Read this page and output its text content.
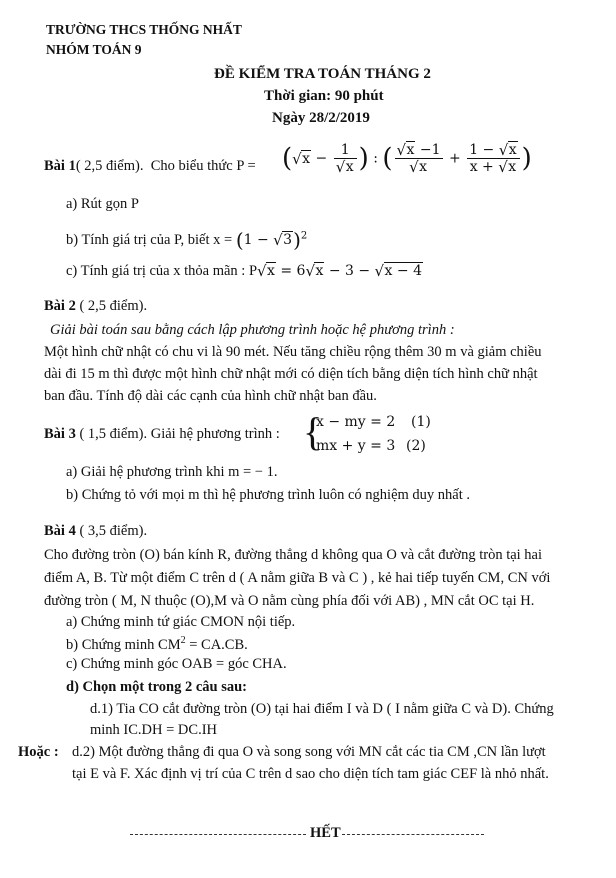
TRƯỜNG THCS THỐNG NHẤT
NHÓM TOÁN 9
ĐỀ KIỂM TRA TOÁN THÁNG 2
Thời gian: 90 phút
Ngày 28/2/2019
Bài 1( 2,5 điểm). Cho biểu thức P = ( √ x − 1
√ x ) : ( √ x −1
√ $x + \frac{1 - √ x}{x + √ x}$ )
a) Rút gọn P
b) Tính giá trị của P, biết x = (1 − √ 3)$^2$
c) Tính giá trị của x thỏa mãn : P √ x = 6 √ x − 3 − √ x − 4
Bài 2 ( 2,5 điểm).
Giải bài toán sau bằng cách lập phương trình hoặc hệ phương trình :
Một hình chữ nhật có chu vi là 90 mét. Nếu tăng chiều rộng thêm 30 m và giảm chiều
dài đi 15 m thì được một hình chữ nhật mới có diện tích bằng diện tích hình chữ nhật
ban đầu. Tính độ dài các cạnh của hình chữ nhật ban đầu.
Bài 3 ( 1,5 điểm). Giải hệ phương trình : {
x − my = 2 (1)
mx + y = 3 (2)
a) Giải hệ phương trình khi m = − 1.
b) Chứng tỏ với mọi m thì hệ phương trình luôn có nghiệm duy nhất .
Bài 4 ( 3,5 điểm).
Cho đường tròn (O) bán kính R, đường thẳng d không qua O và cắt đường tròn tại hai
điểm A, B. Từ một điểm C trên d ( A nằm giữa B và C ) , kẻ hai tiếp tuyến CM, CN với
đường tròn ( M, N thuộc (O),M và O nằm cùng phía đối với AB) , MN cắt OC tại H.
a) Chứng minh tứ giác CMON nội tiếp.
b) Chứng minh $CM^2 = CA.CB$.
c) Chứng minh góc OAB = góc CHA.
d) Chọn một trong 2 câu sau:
d.1) Tia CO cắt đường tròn (O) tại hai điểm I và D ( I nằm giữa C và D). Chứng
minh IC.DH = DC.IH
Hoặc : d.2) Một đường thẳng đi qua O và song song với MN cắt các tia CM ,CN lần lượt
tại E và F. Xác định vị trí của C trên d sao cho diện tích tam giác CEF là nhỏ nhất.
HẾT
